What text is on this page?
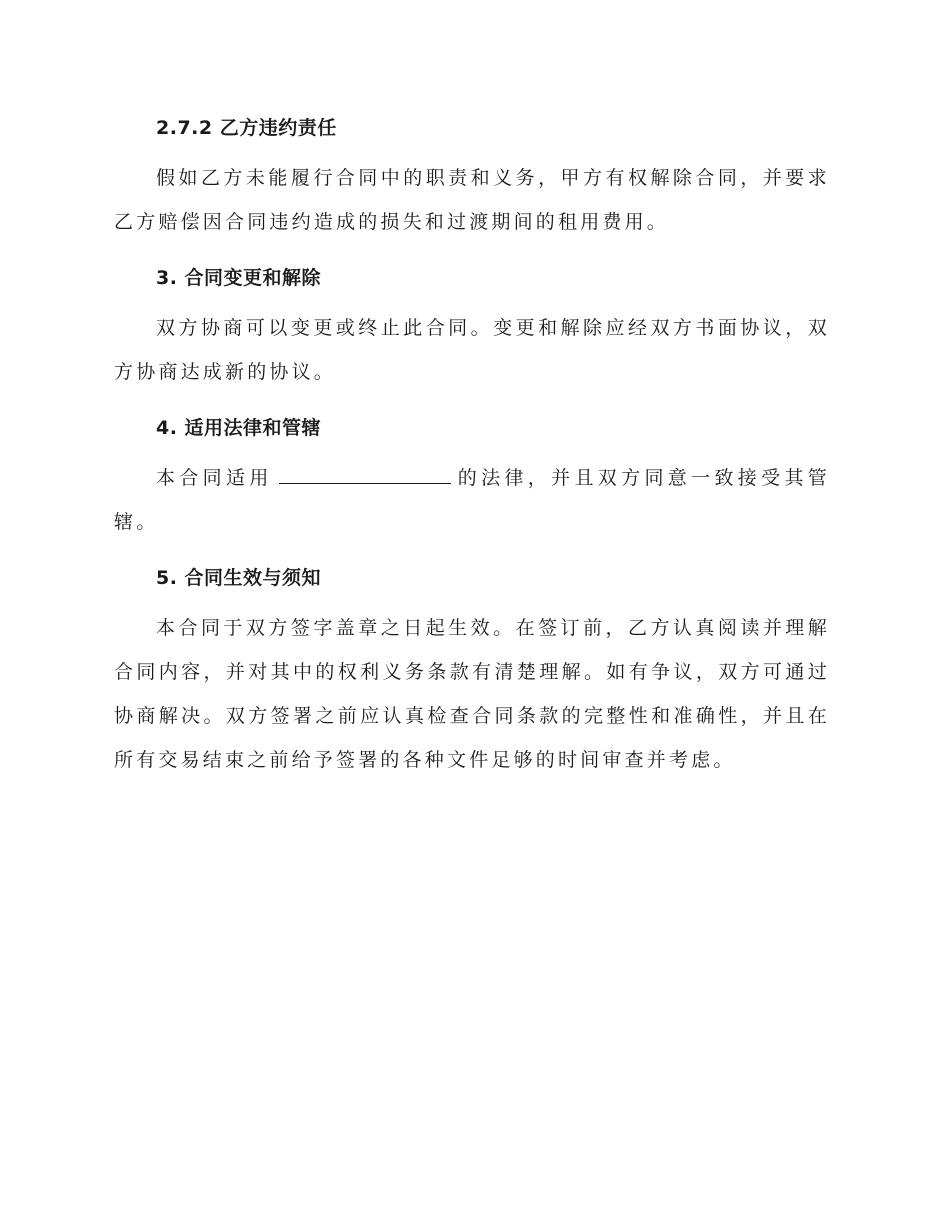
2.7.2 乙方违约责任

假如乙方未能履行合同中的职责和义务，甲方有权解除合同，并要求乙方赔偿因合同违约造成的损失和过渡期间的租用费用。

3. 合同变更和解除

双方协商可以变更或终止此合同。变更和解除应经双方书面协议，双方协商达成新的协议。

4. 适用法律和管辖

本合同适用	的法律，并且双方同意一致接受其管辖。

5. 合同生效与须知

本合同于双方签字盖章之日起生效。在签订前，乙方认真阅读并理解合同内容，并对其中的权利义务条款有清楚理解。如有争议，双方可通过协商解决。双方签署之前应认真检查合同条款的完整性和准确性，并且在所有交易结束之前给予签署的各种文件足够的时间审查并考虑。
